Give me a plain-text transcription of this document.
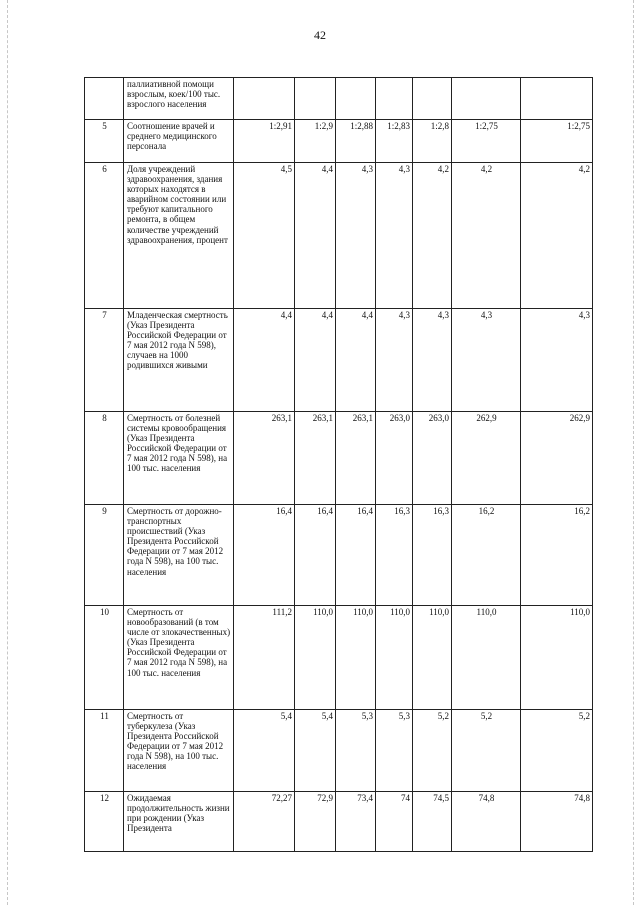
42
	паллиативной помощи взрослым, коек/100 тыс. взрослого населения							
5	Соотношение врачей и среднего медицинского персонала	1:2,91	1:2,9	1:2,88	1:2,83	1:2,8	1:2,75	1:2,75
6	Доля учреждений здравоохранения, здания которых находятся в аварийном состоянии или требуют капитального ремонта, в общем количестве учреждений здравоохранения, процент	4,5	4,4	4,3	4,3	4,2	4,2	4,2
7	Младенческая смертность (Указ Президента Российской Федерации от 7 мая 2012 года N 598), случаев на 1000 родившихся живыми	4,4	4,4	4,4	4,3	4,3	4,3	4,3
8	Смертность от болезней системы кровообращения (Указ Президента Российской Федерации от 7 мая 2012 года N 598), на 100 тыс. населения	263,1	263,1	263,1	263,0	263,0	262,9	262,9
9	Смертность от дорожно-транспортных происшествий (Указ Президента Российской Федерации от 7 мая 2012 года N 598), на 100 тыс. населения	16,4	16,4	16,4	16,3	16,3	16,2	16,2
10	Смертность от новообразований (в том числе от злокачественных) (Указ Президента Российской Федерации от 7 мая 2012 года N 598), на 100 тыс. населения	111,2	110,0	110,0	110,0	110,0	110,0	110,0
11	Смертность от туберкулеза (Указ Президента Российской Федерации от 7 мая 2012 года N 598), на 100 тыс. населения	5,4	5,4	5,3	5,3	5,2	5,2	5,2
12	Ожидаемая продолжительность жизни при рождении (Указ Президента	72,27	72,9	73,4	74	74,5	74,8	74,8
